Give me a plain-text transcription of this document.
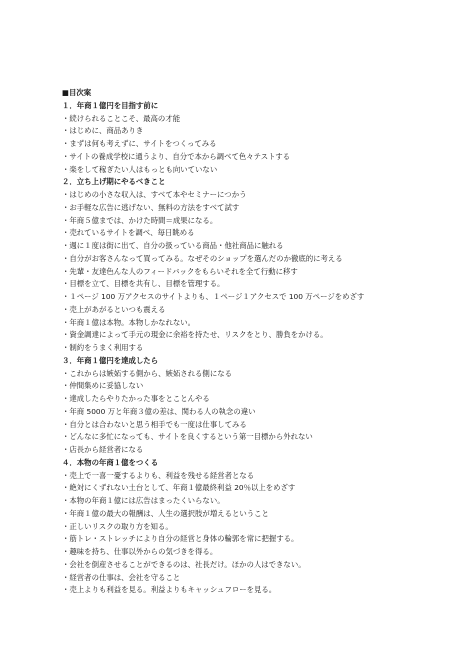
■目次案
１．年商１億円を目指す前に
・続けられることこそ、最高の才能
・はじめに、商品ありき
・まずは何も考えずに、サイトをつくってみる
・サイトの養成学校に通うより、自分で本から調べて色々テストする
・楽をして稼ぎたい人はもっとも向いていない
２．立ち上げ期にやるべきこと
・はじめの小さな収入は、すべて本やセミナーにつかう
・お手軽な広告に逃げない、無料の方法をすべて試す
・年商５億までは、かけた時間＝成果になる。
・売れているサイトを調べ、毎日眺める
・週に１度は街に出て、自分の扱っている商品・他社商品に触れる
・自分がお客さんなって買ってみる。なぜそのショップを選んだのか徹底的に考える
・先輩・友達色んな人のフィードバックをもらいそれを全て行動に移す
・目標を立て、目標を共有し、目標を管理する。
・１ページ 100 万アクセスのサイトよりも、１ページ１アクセスで 100 万ページをめざす
・売上があがるといつも震える
・年商１億は本物。本物しかなれない。
・資金調達によって手元の現金に余裕を持たせ、リスクをとり、勝負をかける。
・制約をうまく利用する
３．年商１億円を達成したら
・これからは嫉妬する側から、嫉妬される側になる
・仲間集めに妥協しない
・達成したらやりたかった事をとことんやる
・年商 5000 万と年商３億の差は、関わる人の執念の違い
・自分とは合わないと思う相手でも一度は仕事してみる
・どんなに多忙になっても、サイトを良くするという第一目標から外れない
・店長から経営者になる
４．本物の年商１億をつくる
・売上で一喜一憂するよりも、利益を残せる経営者となる
・絶対にくずれない土台として、年商１億最終利益 20％以上をめざす
・本物の年商１億には広告はまったくいらない。
・年商１億の最大の報酬は、人生の選択肢が増えるということ
・正しいリスクの取り方を知る。
・筋トレ・ストレッチにより自分の経営と身体の輪郭を常に把握する。
・趣味を持ち、仕事以外からの気づきを得る。
・会社を倒産させることができるのは、社長だけ。ほかの人はできない。
・経営者の仕事は、会社を守ること
・売上よりも利益を見る。利益よりもキャッシュフローを見る。
